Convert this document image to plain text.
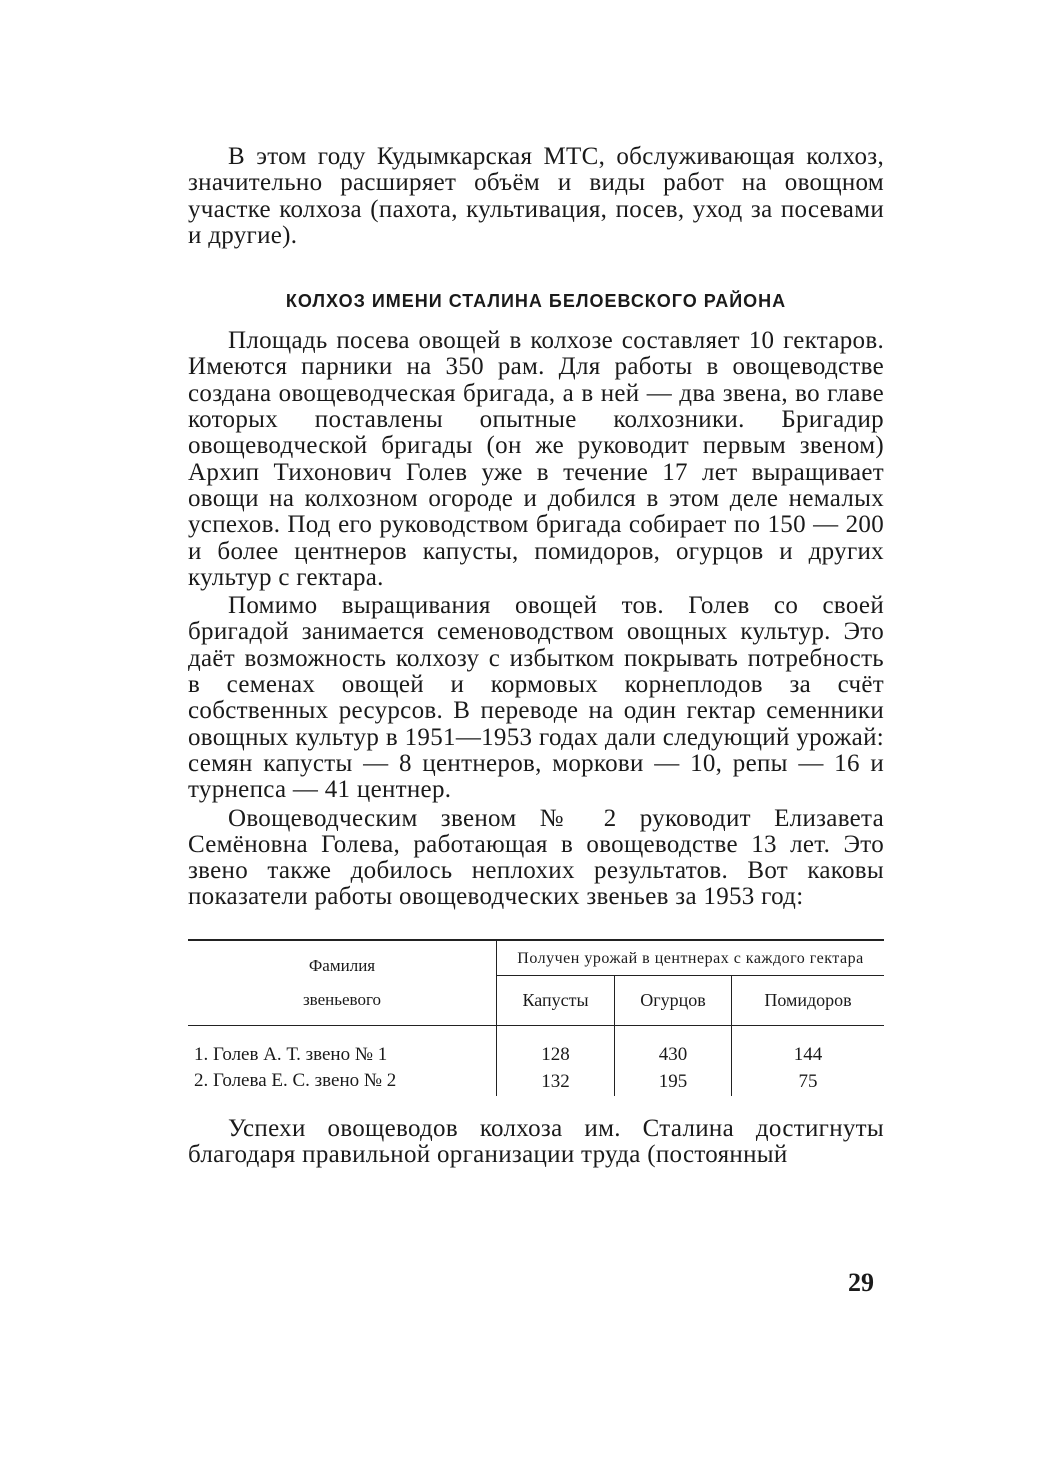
В этом году Кудымкарская МТС, обслуживающая колхоз, значительно расширяет объём и виды работ на овощном участке колхоза (пахота, культивация, посев, уход за посевами и другие).

КОЛХОЗ ИМЕНИ СТАЛИНА БЕЛОЕВСКОГО РАЙОНА

Площадь посева овощей в колхозе составляет 10 гектаров. Имеются парники на 350 рам. Для работы в овощеводстве создана овощеводческая бригада, а в ней — два звена, во главе которых поставлены опытные колхозники. Бригадир овощеводческой бригады (он же руководит первым звеном) Архип Тихонович Голев уже в течение 17 лет выращивает овощи на колхозном огороде и добился в этом деле немалых успехов. Под его руководством бригада собирает по 150 — 200 и более центнеров капусты, помидоров, огурцов и других культур с гектара.

Помимо выращивания овощей тов. Голев со своей бригадой занимается семеноводством овощных культур. Это даёт возможность колхозу с избытком покрывать потребность в семенах овощей и кормовых корнеплодов за счёт собственных ресурсов. В переводе на один гектар семенники овощных культур в 1951—1953 годах дали следующий урожай: семян капусты — 8 центнеров, моркови — 10, репы — 16 и турнепса — 41 центнер.

Овощеводческим звеном № 2 руководит Елизавета Семёновна Голева, работающая в овощеводстве 13 лет. Это звено также добилось неплохих результатов. Вот каковы показатели работы овощеводческих звеньев за 1953 год:

Фамилия
звеньевого	Получен урожай в центнерах с каждого гектара		
	Капусты	Огурцов	Помидоров
1. Голев А. Т. звено № 1	128	430	144
2. Голева Е. С. звено № 2	132	195	75

Успехи овощеводов колхоза им. Сталина достигнуты благодаря правильной организации труда (постоянный

29
